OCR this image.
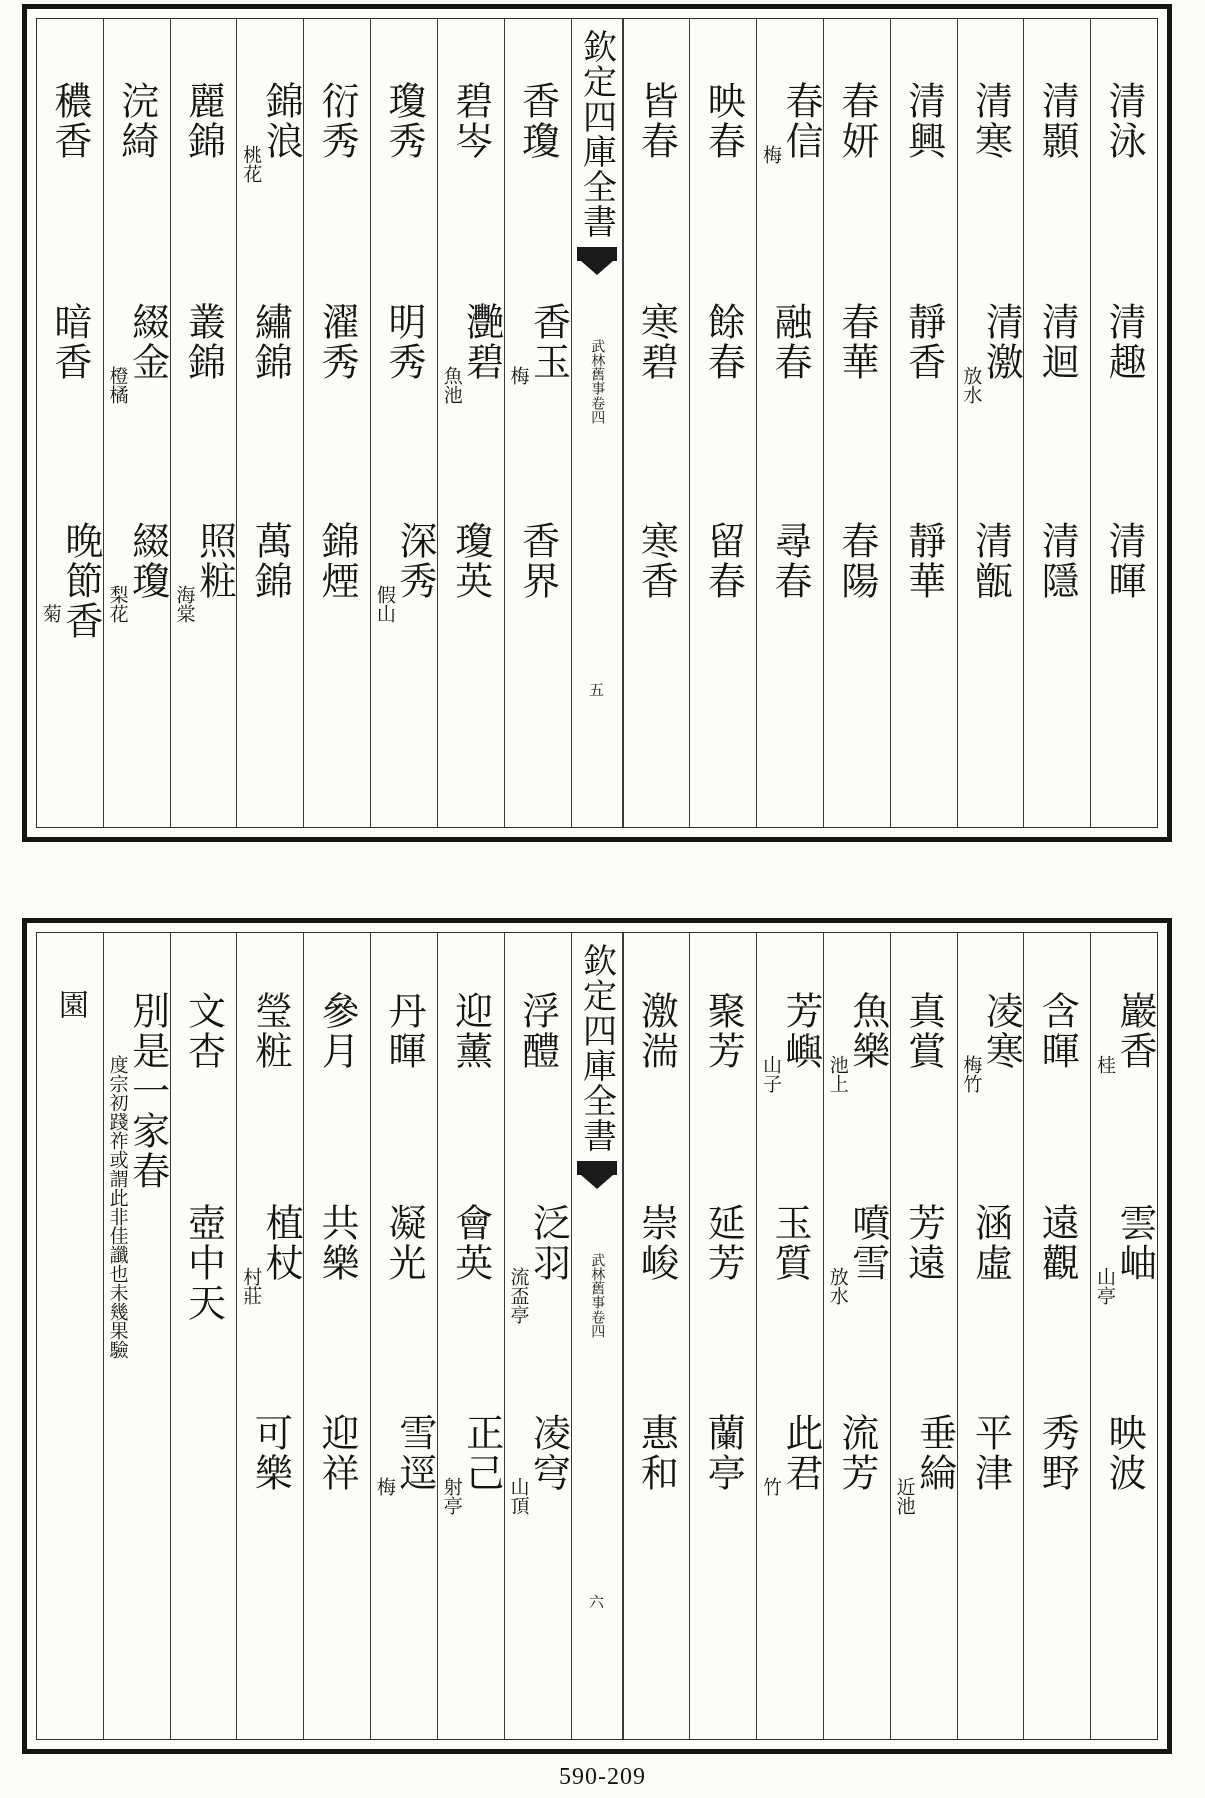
清泳
清趣
清暉
清顥
清迴
清隱
清寒
清激
放水
清甑
清興
靜香
靜華
春妍
春華
春陽
春信
梅
融春
尋春
映春
餘春
留春
皆春
寒碧
寒香
欽定四庫全書
武林舊事
卷四
五
香瓊
香玉
梅
香界
碧岑
灧碧
魚池
瓊英
瓊秀
明秀
深秀
假山
衍秀
濯秀
錦煙
錦浪
桃花
繡錦
萬錦
麗錦
叢錦
照粧
海棠
浣綺
綴金
橙橘
綴瓊
梨花
穠香
暗香
晚節香
菊
巖香
桂
雲岫
山亭
映波
含暉
遠觀
秀野
凌寒
梅竹
涵虛
平津
真賞
芳遠
垂綸
近池
魚樂
池上
噴雪
放水
流芳
芳嶼
山子
玉質
此君
竹
聚芳
延芳
蘭亭
激湍
崇峻
惠和
欽定四庫全書
武林舊事
卷四
六
浮醴
泛羽
流盃亭
凌穹
山頂
迎薰
會英
正己
射亭
丹暉
凝光
雪逕
梅
參月
共樂
迎祥
瑩粧
植杖
村莊
可樂
文杏
壺中天
別是一家春
度宗初踐祚或謂此非佳讖也未幾果驗
園
590-209
